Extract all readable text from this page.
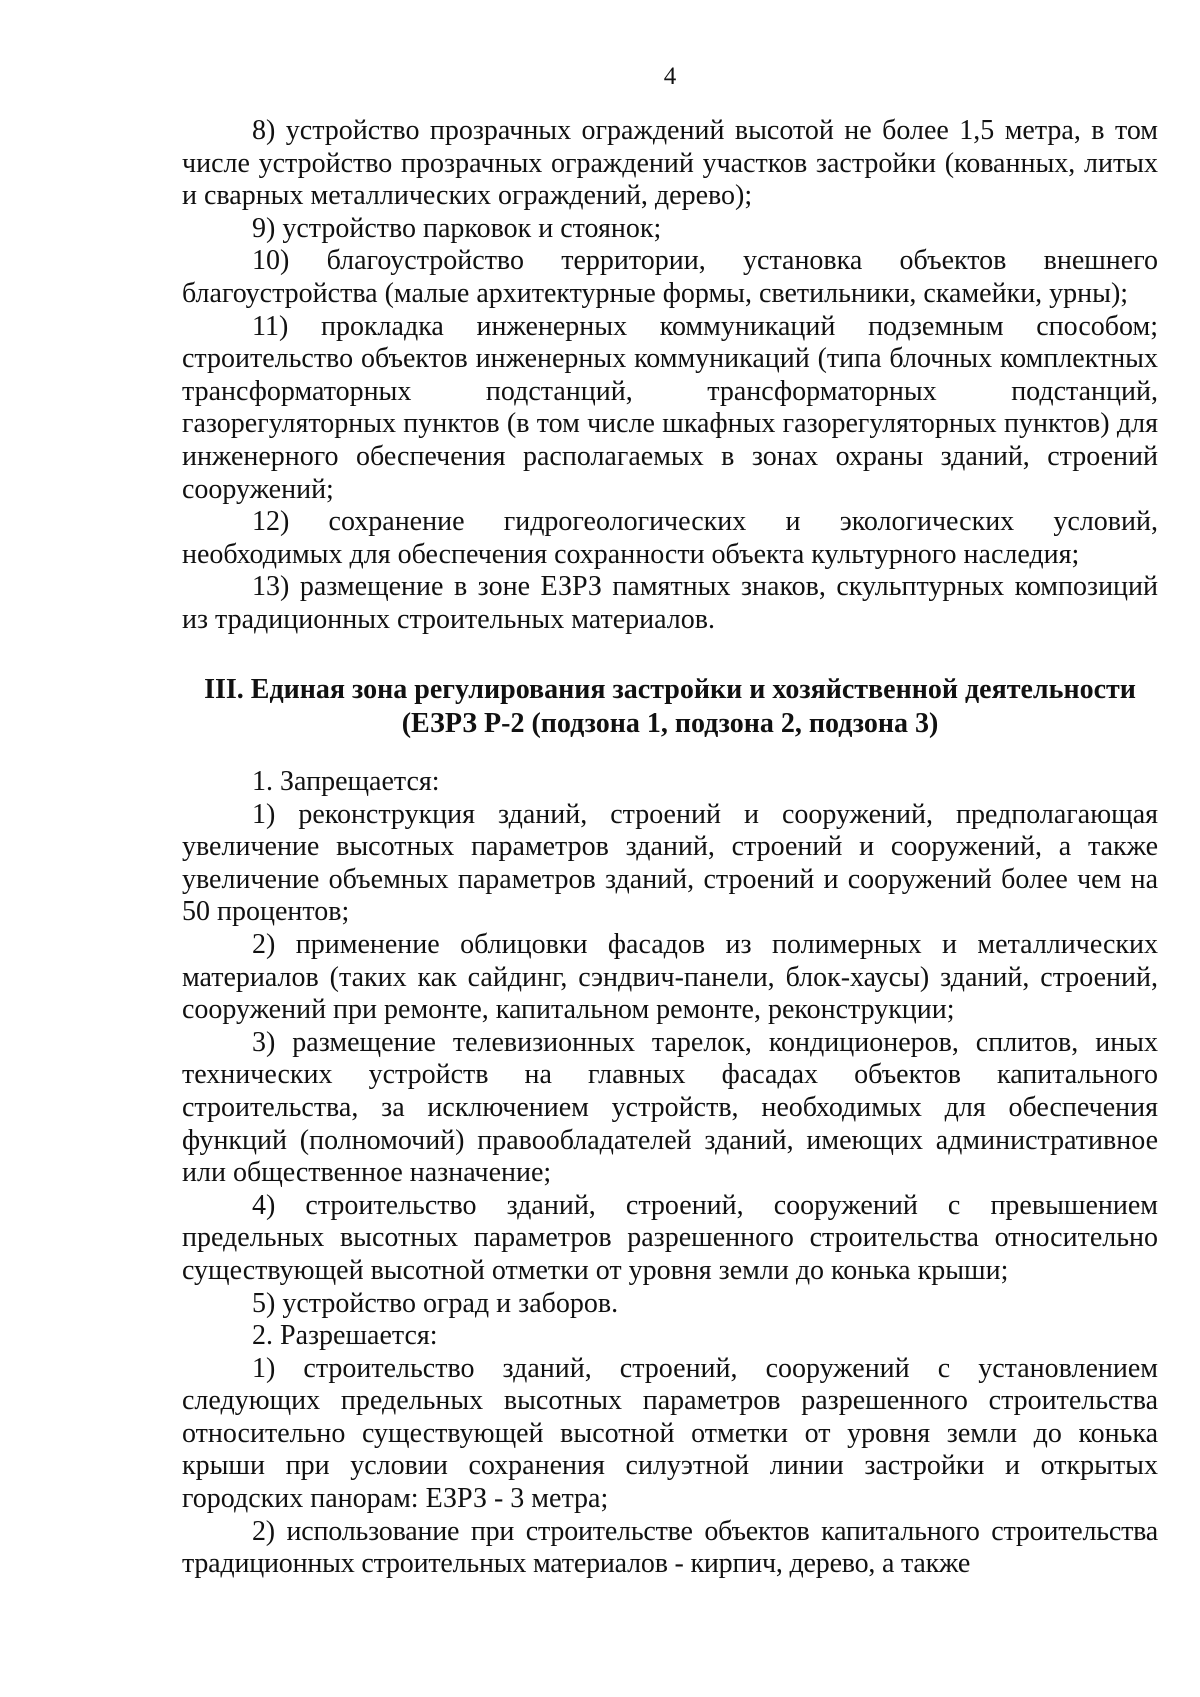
4

8) устройство прозрачных ограждений высотой не более 1,5 метра, в том числе устройство прозрачных ограждений участков застройки (кованных, литых и сварных металлических ограждений, дерево);

9) устройство парковок и стоянок;

10) благоустройство территории, установка объектов внешнего благоустройства (малые архитектурные формы, светильники, скамейки, урны);

11) прокладка инженерных коммуникаций подземным способом; строительство объектов инженерных коммуникаций (типа блочных комплектных трансформаторных подстанций, трансформаторных подстанций, газорегуляторных пунктов (в том числе шкафных газорегуляторных пунктов) для инженерного обеспечения располагаемых в зонах охраны зданий, строений сооружений;

12) сохранение гидрогеологических и экологических условий, необходимых для обеспечения сохранности объекта культурного наследия;

13) размещение в зоне ЕЗРЗ памятных знаков, скульптурных композиций из традиционных строительных материалов.

III. Единая зона регулирования застройки и хозяйственной деятельности
(ЕЗРЗ Р-2 (подзона 1, подзона 2, подзона 3)

1. Запрещается:

1) реконструкция зданий, строений и сооружений, предполагающая увеличение высотных параметров зданий, строений и сооружений, а также увеличение объемных параметров зданий, строений и сооружений более чем на 50 процентов;

2) применение облицовки фасадов из полимерных и металлических материалов (таких как сайдинг, сэндвич-панели, блок-хаусы) зданий, строений, сооружений при ремонте, капитальном ремонте, реконструкции;

3) размещение телевизионных тарелок, кондиционеров, сплитов, иных технических устройств на главных фасадах объектов капитального строительства, за исключением устройств, необходимых для обеспечения функций (полномочий) правообладателей зданий, имеющих административное или общественное назначение;

4) строительство зданий, строений, сооружений с превышением предельных высотных параметров разрешенного строительства относительно существующей высотной отметки от уровня земли до конька крыши;

5) устройство оград и заборов.

2. Разрешается:

1) строительство зданий, строений, сооружений с установлением следующих предельных высотных параметров разрешенного строительства относительно существующей высотной отметки от уровня земли до конька крыши при условии сохранения силуэтной линии застройки и открытых городских панорам: ЕЗРЗ - 3 метра;

2) использование при строительстве объектов капитального строительства традиционных строительных материалов - кирпич, дерево, а также
